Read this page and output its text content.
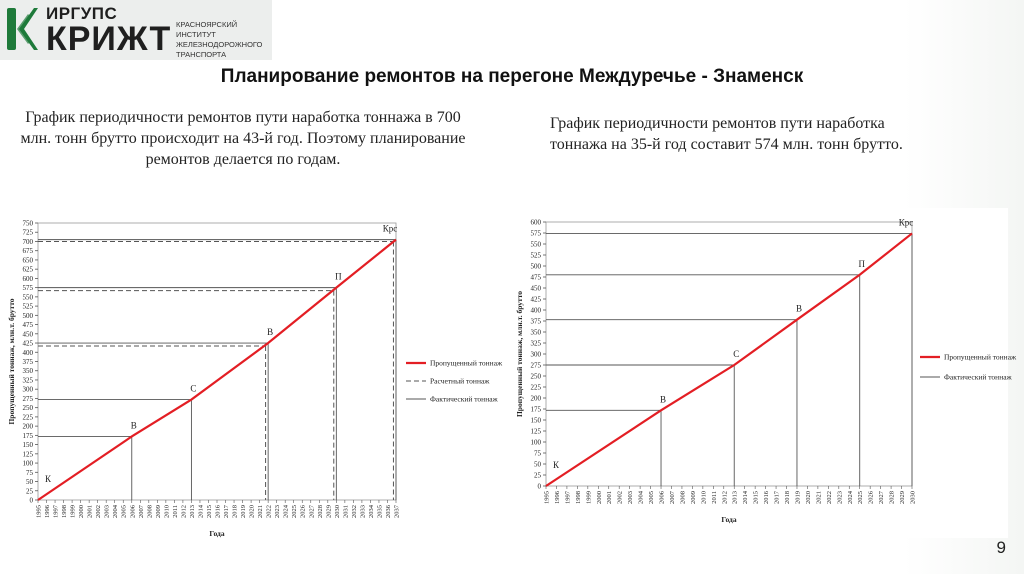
ИРГУПС
КРИЖТ КРАСНОЯРСКИЙ ИНСТИТУТ ЖЕЛЕЗНОДОРОЖНОГО ТРАНСПОРТА
Планирование ремонтов на перегоне Междуречье - Знаменск
График периодичности ремонтов пути наработка тоннажа в 700 млн. тонн брутто происходит на 43-й год. Поэтому планирование ремонтов делается по годам.
График периодичности ремонтов пути наработка тоннажа на 35-й год составит 574 млн. тонн брутто.
0
25
50
75
100
125
150
175
200
225
250
275
300
325
350
375
400
425
450
475
500
525
550
575
600
625
650
675
700
725
750
1995 1996 1997 1998 1999 2000 2001 2002 2003 2004 2005 2006 2007 2008 2009 2010 2011 2012 2013 2014 2015 2016 2017 2018 2019 2020 2021 2022 2023 2024 2025 2026 2027 2028 2029 2030 2031 2032 2033 2034 2035 2036 2037
Года
Пропущенный тоннаж, млн.т. брутто
К
В
С
В
П
Крс
Пропущенный тоннаж
Расчетный тоннаж
Фактический тоннаж
0
25
50
75
100
125
150
175
200
225
250
275
300
325
350
375
400
425
450
475
500
525
550
575
600
1995 1996 1997 1998 1999 2000 2001 2002 2003 2004 2005 2006 2007 2008 2009 2010 2011 2012 2013 2014 2015 2016 2017 2018 2019 2020 2021 2022 2023 2024 2025 2026 2027 2028 2029 2030
Года
Пропущенный тоннаж, млн.т. брутто
К
В
С
В
П
Крс
Пропущенный тоннаж
Фактический тоннаж
9
